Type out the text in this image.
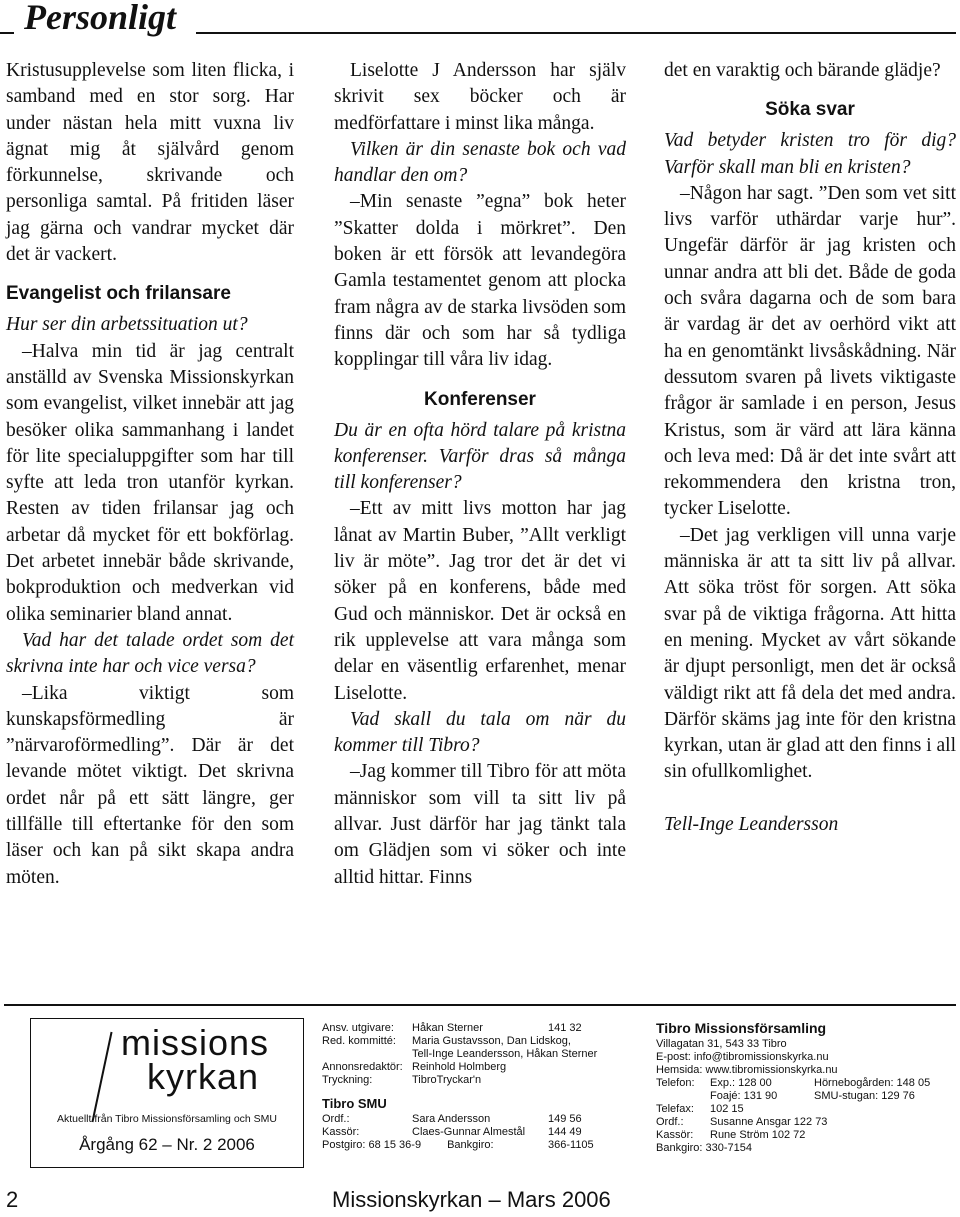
Personligt

Kristusupplevelse som liten flicka, i samband med en stor sorg. Har under nästan hela mitt vuxna liv ägnat mig åt självård genom förkunnelse, skrivande och personliga samtal. På fritiden läser jag gärna och vandrar mycket där det är vackert.

Evangelist och frilansare

Hur ser din arbetssituation ut?

–Halva min tid är jag centralt anställd av Svenska Missionskyrkan som evangelist, vilket innebär att jag besöker olika sammanhang i landet för lite specialuppgifter som har till syfte att leda tron utanför kyrkan. Resten av tiden frilansar jag och arbetar då mycket för ett bokförlag. Det arbetet innebär både skrivande, bokproduktion och medverkan vid olika seminarier bland annat.

Vad har det talade ordet som det skrivna inte har och vice versa?

–Lika viktigt som kunskapsförmedling är ”närvaroförmedling”. Där är det levande mötet viktigt. Det skrivna ordet når på ett sätt längre, ger tillfälle till eftertanke för den som läser och kan på sikt skapa andra möten.

Liselotte J Andersson har själv skrivit sex böcker och är medförfattare i minst lika många.

Vilken är din senaste bok och vad handlar den om?

–Min senaste ”egna” bok heter ”Skatter dolda i mörkret”. Den boken är ett försök att levandegöra Gamla testamentet genom att plocka fram några av de starka livsöden som finns där och som har så tydliga kopplingar till våra liv idag.

Konferenser

Du är en ofta hörd talare på kristna konferenser. Varför dras så många till konferenser?

–Ett av mitt livs motton har jag lånat av Martin Buber, ”Allt verkligt liv är möte”. Jag tror det är det vi söker på en konferens, både med Gud och människor. Det är också en rik upplevelse att vara många som delar en väsentlig erfarenhet, menar Liselotte.

Vad skall du tala om när du kommer till Tibro?

–Jag kommer till Tibro för att möta människor som vill ta sitt liv på allvar. Just därför har jag tänkt tala om Glädjen som vi söker och inte alltid hittar. Finns

det en varaktig och bärande glädje?

Söka svar

Vad betyder kristen tro för dig? Varför skall man bli en kristen?

–Någon har sagt. ”Den som vet sitt livs varför uthärdar varje hur”. Ungefär därför är jag kristen och unnar andra att bli det. Både de goda och svåra dagarna och de som bara är vardag är det av oerhörd vikt att ha en genomtänkt livsåskådning. När dessutom svaren på livets viktigaste frågor är samlade i en person, Jesus Kristus, som är värd att lära känna och leva med: Då är det inte svårt att rekommendera den kristna tron, tycker Liselotte.

–Det jag verkligen vill unna varje människa är att ta sitt liv på allvar. Att söka tröst för sorgen. Att söka svar på de viktiga frågorna. Att hitta en mening. Mycket av vårt sökande är djupt personligt, men det är också väldigt rikt att få dela det med andra. Därför skäms jag inte för den kristna kyrkan, utan är glad att den finns i all sin ofullkomlighet.

Tell-Inge Leandersson

missions
kyrkan
Aktuellt från Tibro Missionsförsamling och SMU
Årgång 62 – Nr. 2 2006
Ansv. utgivare:	Håkan Sterner	141 32
Red. kommitté:	Maria Gustavsson, Dan Lidskog,	
	Tell-Inge Leandersson, Håkan Sterner	
Annonsredaktör:	Reinhold Holmberg	
Tryckning:	TibroTryckar'n	
Tibro SMU
Ordf.:	Sara Andersson	149 56
Kassör:	Claes-Gunnar Almestål	144 49
Postgiro: 68 15 36-9 Bankgiro:		366-1105
Tibro Missionsförsamling
Villagatan 31, 543 33 Tibro
E-post: info@tibromissionskyrka.nu
Hemsida: www.tibromissionskyrka.nu
Telefon:	Exp.: 128 00	Hörnebogården: 148 05
	Foajé: 131 90	SMU-stugan: 129 76
Telefax:	102 15	
Ordf.:	Susanne Ansgar 122 73	
Kassör:	Rune Ström 102 72	
Bankgiro: 330-7154
2	Missionskyrkan – Mars 2006
